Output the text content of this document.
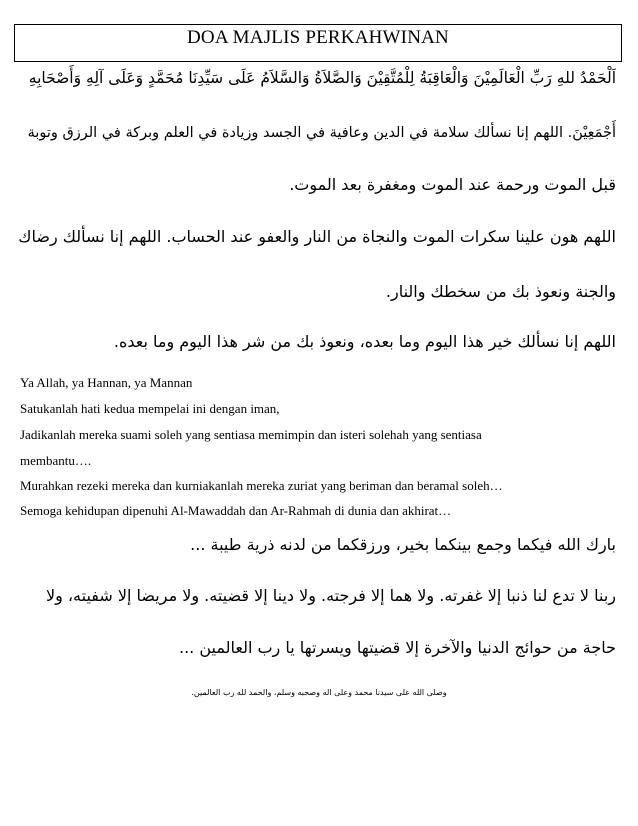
DOA MAJLIS PERKAHWINAN
اَلْحَمْدُ للهِ رَبِّ الْعَالَمِيْنَ وَالْعَاقِبَةُ لِلْمُتَّقِيْنَ وَالصَّلاَةُ وَالسَّلاَمُ عَلَى سَيِّدِنَا مُحَمَّدٍ وَعَلَى آلِهِ وَأَصْحَابِهِ
أَجْمَعِيْنَ. اللهم إنا نسألك سلامة في الدين وعافية في الجسد وزيادة في العلم وبركة في الرزق وتوبة
قبل الموت ورحمة عند الموت ومغفرة بعد الموت.
اللهم هون علينا سكرات الموت والنجاة من النار والعفو عند الحساب. اللهم إنا نسألك رضاك
والجنة ونعوذ بك من سخطك والنار.
اللهم إنا نسألك خير هذا اليوم وما بعده، ونعوذ بك من شر هذا اليوم وما بعده.
Ya Allah, ya Hannan, ya Mannan
Satukanlah hati kedua mempelai ini dengan iman,
Jadikanlah mereka suami soleh yang sentiasa memimpin dan isteri solehah yang sentiasa
membantu….
Murahkan rezeki mereka dan kurniakanlah mereka zuriat yang beriman dan beramal soleh…
Semoga kehidupan dipenuhi Al-Mawaddah dan Ar-Rahmah di dunia dan akhirat…
بارك الله فيكما وجمع بينكما بخير، ورزقكما من لدنه ذرية طيبة ...
ربنا لا تدع لنا ذنبا إلا غفرته. ولا هما إلا فرجته. ولا دينا إلا قضيته. ولا مريضا إلا شفيته، ولا
حاجة من حوائج الدنيا والآخرة إلا قضيتها ويسرتها يا رب العالمين ...
وصلى الله على سيدنا محمد وعلى اله وصحبه وسلم، والحمد لله رب العالمين.
